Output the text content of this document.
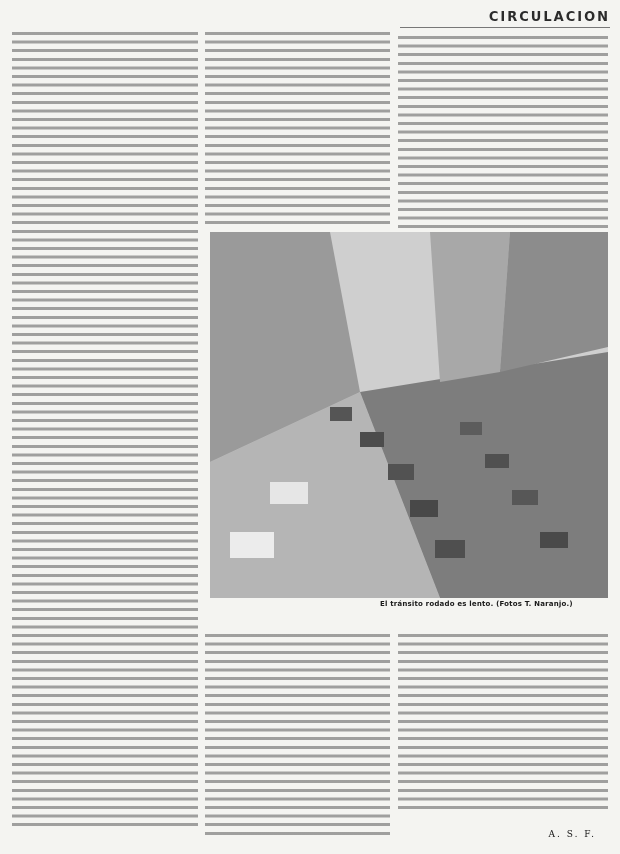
CIRCULACION
El tránsito rodado es lento. (Fotos T. Naranjo.)
A. S. F.
